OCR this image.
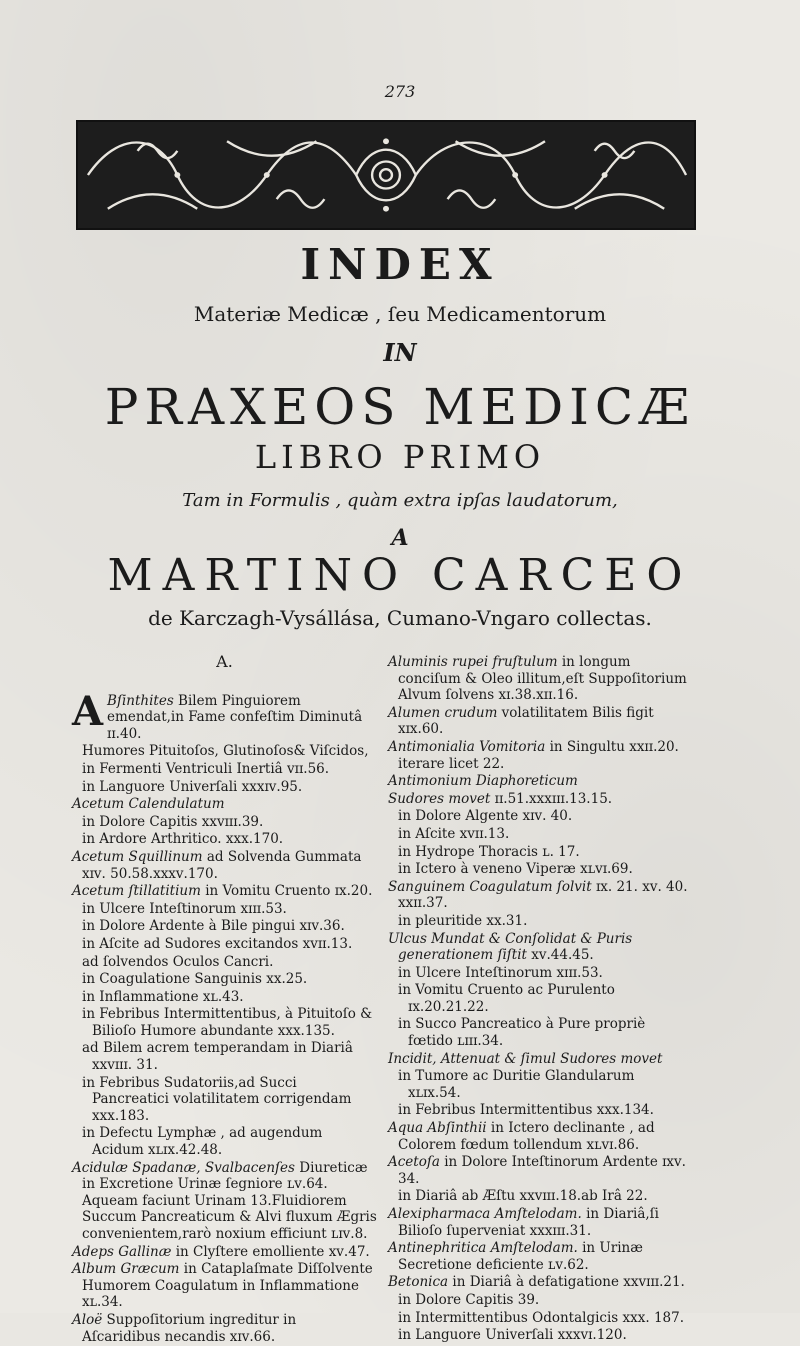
273
INDEX
Materiæ Medicæ , ſeu Medicamentorum
IN
PRAXEOS MEDICÆ
LIBRO PRIMO
Tam in Formulis , quàm extra ipſas laudatorum,
A
MARTINO CARCEO
de Karczagh-Vysállása, Cumano-Vngaro collectas.
A.
A Bſinthites Bilem Pinguiorem emendat,in Fame confeſtim Diminutâ ɪɪ.40.
Humores Pituitoſos, Glutinoſos& Viſcidos,
in Fermenti Ventriculi Inertiâ ᴠɪɪ.56.
in Languore Univerſali xxxɪᴠ.95.
Acetum Calendulatum
in Dolore Capitis xxᴠɪɪɪ.39.
in Ardore Arthritico. xxx.170.
Acetum Squillinum ad Solvenda Gummata xɪᴠ. 50.58.xxxᴠ.170.
Acetum ſtillatitium in Vomitu Cruento ɪx.20.
in Ulcere Inteſtinorum xɪɪɪ.53.
in Dolore Ardente à Bile pingui xɪᴠ.36.
in Aſcite ad Sudores excitandos xᴠɪɪ.13.
ad ſolvendos Oculos Cancri.
in Coagulatione Sanguinis xx.25.
in Inflammatione xʟ.43.
in Febribus Intermittentibus, à Pituitoſo & Bilioſo Humore abundante xxx.135.
ad Bilem acrem temperandam in Diariâ xxᴠɪɪɪ. 31.
in Febribus Sudatoriis,ad Succi Pancreatici volatilitatem corrigendam xxx.183.
in Defectu Lymphæ , ad augendum Acidum xʟɪx.42.48.
Acidulæ Spadanæ, Svalbacenſes Diureticæ in Excretione Urinæ ſegniore ʟᴠ.64. Aqueam faciunt Urinam 13.Fluidiorem Succum Pancreaticum & Alvi fluxum Ægris convenientem,rarò noxium efficiunt ʟɪᴠ.8.
Adeps Gallinæ in Clyſtere emolliente xᴠ.47.
Album Græcum in Cataplaſmate Diſſolvente Humorem Coagulatum in Inflammatione xʟ.34.
Aloë Suppoſitorium ingreditur in Aſcaridibus necandis xɪᴠ.66.
Aluminis rupei fruſtulum in longum conciſum & Oleo illitum,eſt Suppoſitorium Alvum ſolvens xɪ.38.xɪɪ.16.
Alumen crudum volatilitatem Bilis figit xɪx.60.
Antimonialia Vomitoria in Singultu xxɪɪ.20. iterare licet 22.
Antimonium Diaphoreticum
Sudores movet ɪɪ.51.xxxɪɪɪ.13.15.
in Dolore Algente xɪᴠ. 40.
in Aſcite xᴠɪɪ.13.
in Hydrope Thoracis ʟ. 17.
in Ictero à veneno Viperæ xʟᴠɪ.69.
Sanguinem Coagulatum ſolvit ɪx. 21. xᴠ. 40. xxɪɪ.37.
in pleuritide xx.31.
Ulcus Mundat & Conſolidat & Puris generationem ſiſtit xᴠ.44.45.
in Ulcere Inteſtinorum xɪɪɪ.53.
in Vomitu Cruento ac Purulento ɪx.20.21.22.
in Succo Pancreatico à Pure propriè fœtido ʟɪɪɪ.34.
Incidit, Attenuat & ſimul Sudores movet
in Tumore ac Duritie Glandularum xʟɪx.54.
in Febribus Intermittentibus xxx.134.
Aqua Abſinthii in Ictero declinante , ad Colorem fœdum tollendum xʟᴠɪ.86.
Acetoſa in Dolore Inteſtinorum Ardente ɪxᴠ. 34.
in Diariâ ab Æſtu xxᴠɪɪɪ.18.ab Irâ 22.
Alexipharmaca Amſtelodam. in Diariâ,ſi Bilioſo ſuperveniat xxxɪɪɪ.31.
Antinephritica Amſtelodam. in Urinæ Secretione deficiente ʟᴠ.62.
Betonica in Diariâ à defatigatione xxᴠɪɪɪ.21.
in Dolore Capitis 39.
in Intermittentibus Odontalgicis xxx. 187.
in Languore Univerſali xxxᴠɪ.120.
